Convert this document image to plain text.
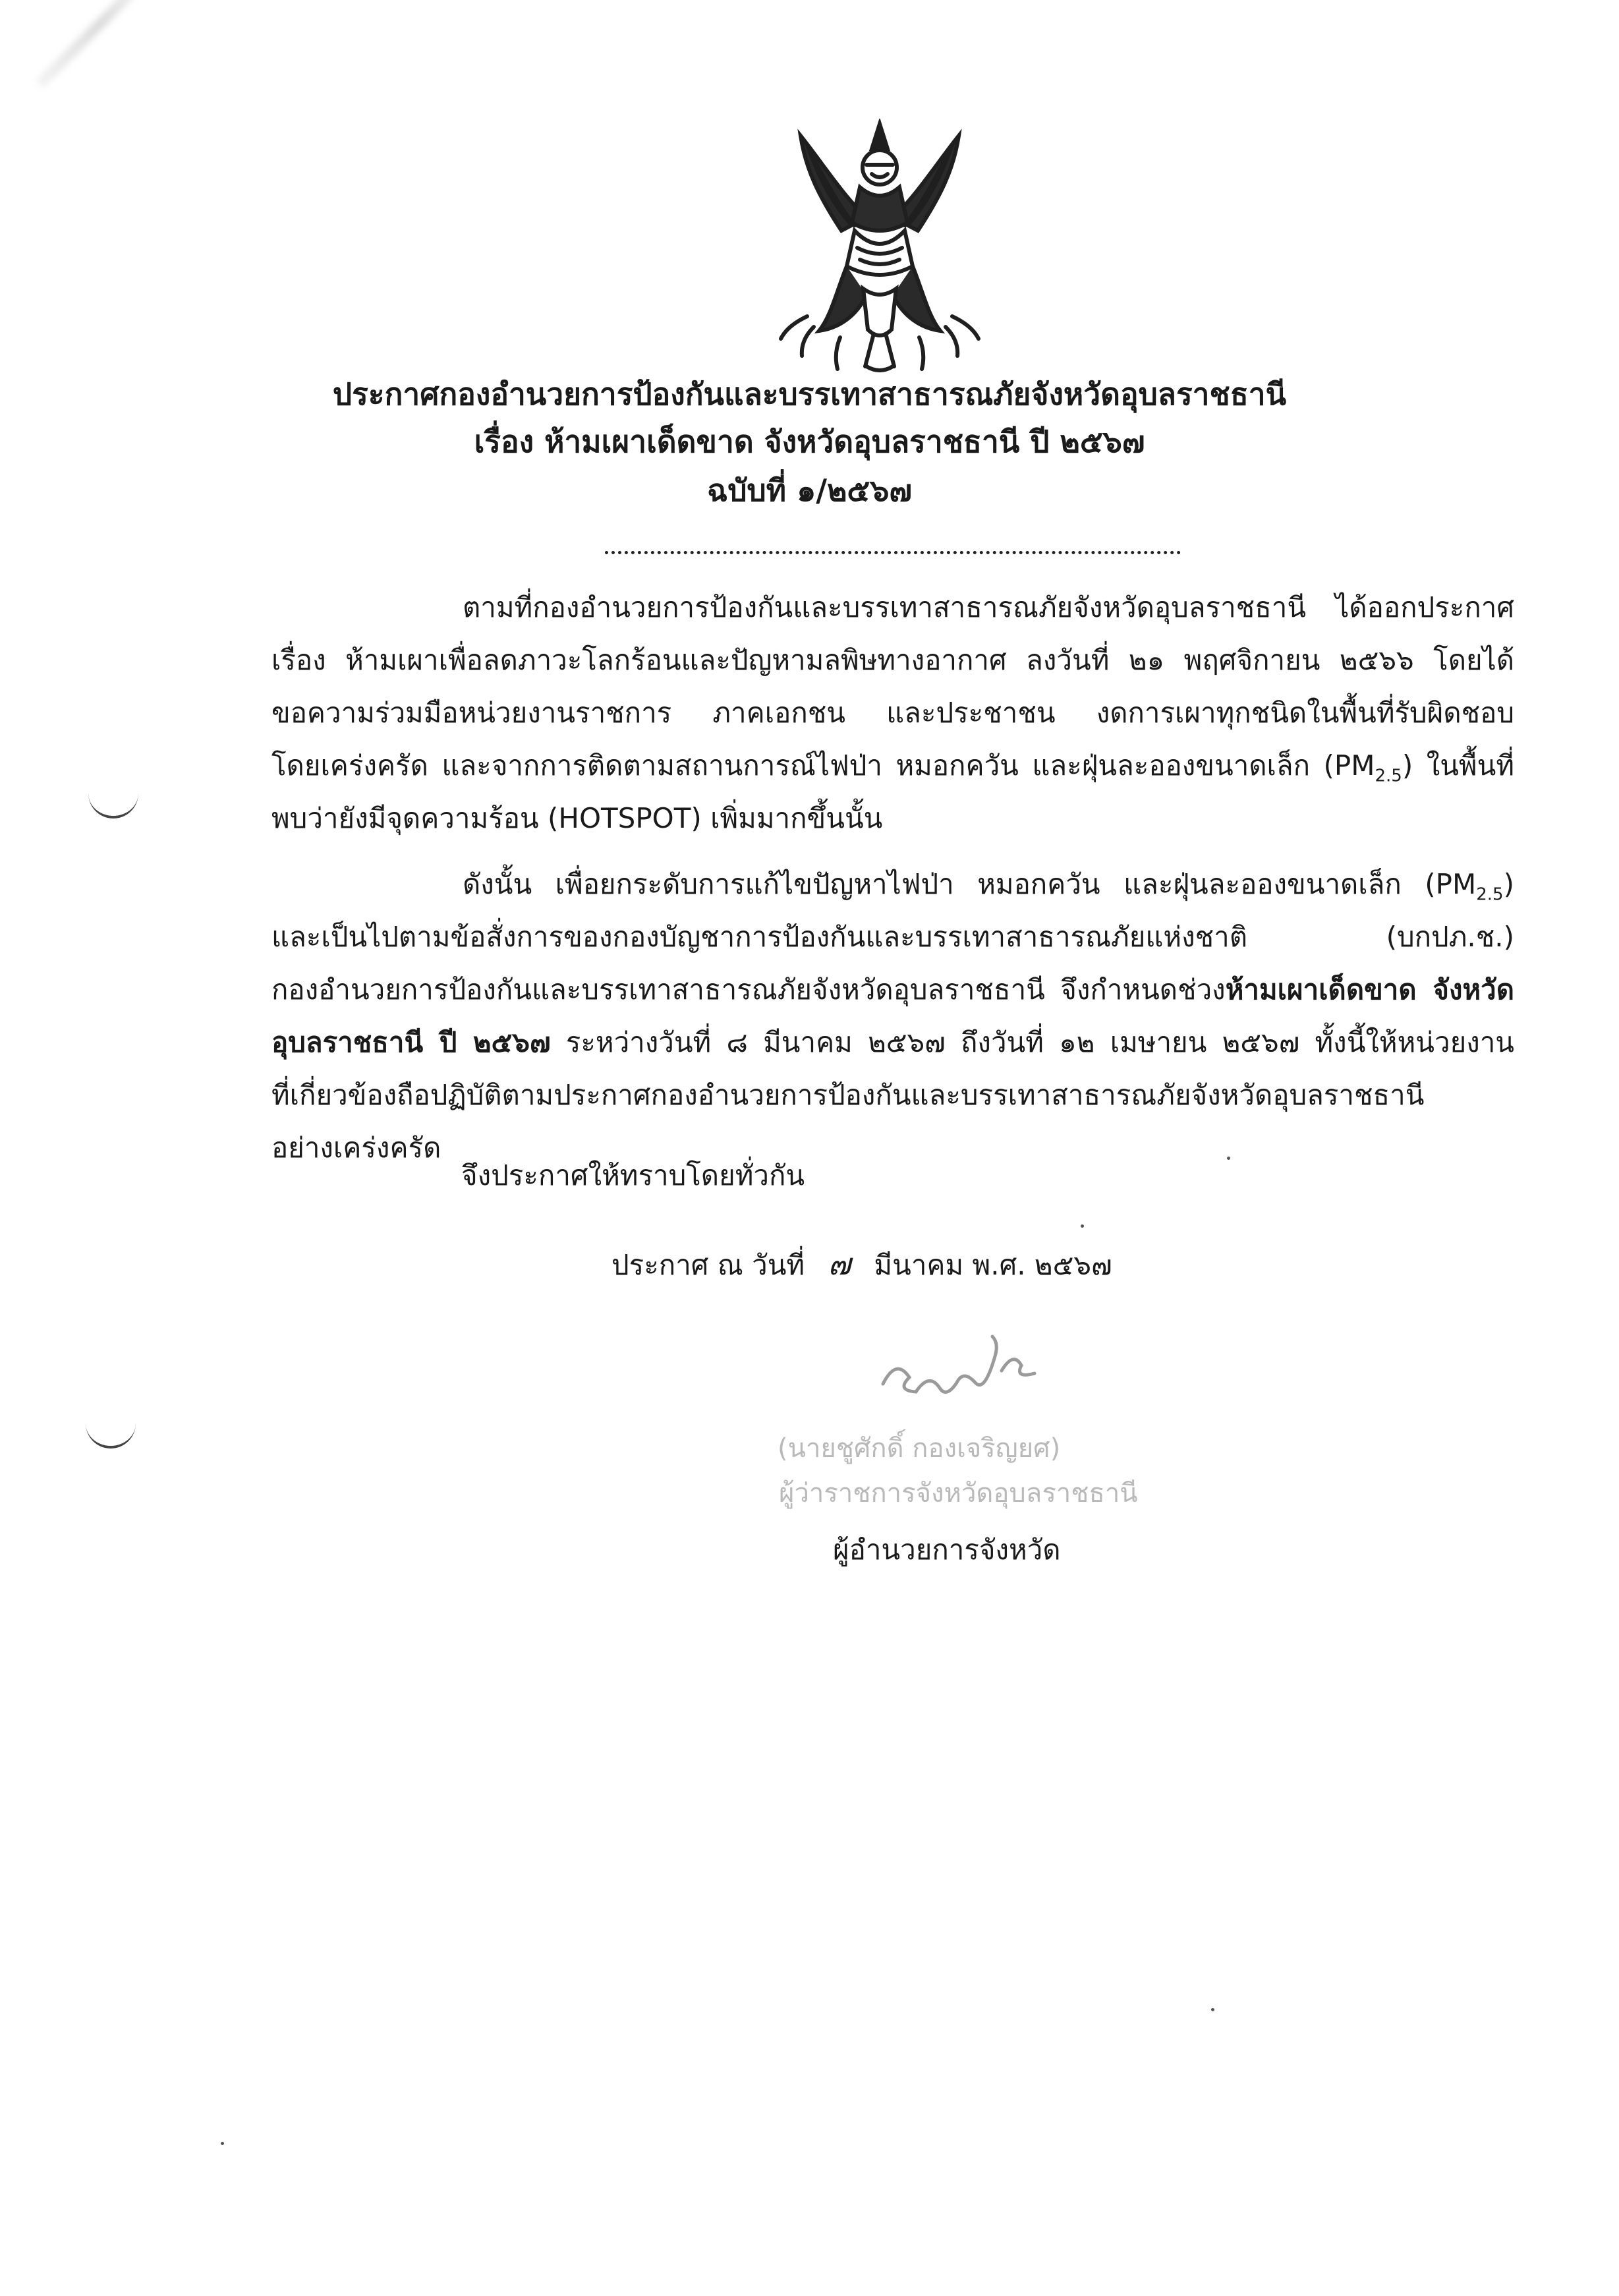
ประกาศกองอำนวยการป้องกันและบรรเทาสาธารณภัยจังหวัดอุบลราชธานี
เรื่อง ห้ามเผาเด็ดขาด จังหวัดอุบลราชธานี ปี ๒๕๖๗
ฉบับที่ ๑/๒๕๖๗
ตามที่กองอำนวยการป้องกันและบรรเทาสาธารณภัยจังหวัดอุบลราชธานี ได้ออกประกาศ
เรื่อง ห้ามเผาเพื่อลดภาวะโลกร้อนและปัญหามลพิษทางอากาศ ลงวันที่ ๒๑ พฤศจิกายน ๒๕๖๖ โดยได้
ขอความร่วมมือหน่วยงานราชการ ภาคเอกชน และประชาชน งดการเผาทุกชนิดในพื้นที่รับผิดชอบ
โดยเคร่งครัด และจากการติดตามสถานการณ์ไฟป่า หมอกควัน และฝุ่นละอองขนาดเล็ก $(PM_{2.5})$ ในพื้นที่
พบว่ายังมีจุดความร้อน (HOTSPOT) เพิ่มมากขึ้นนั้น
ดังนั้น เพื่อยกระดับการแก้ไขปัญหาไฟป่า หมอกควัน และฝุ่นละอองขนาดเล็ก $(PM_{2.5})$
และเป็นไปตามข้อสั่งการของกองบัญชาการป้องกันและบรรเทาสาธารณภัยแห่งชาติ (บกปภ.ช.)
กองอำนวยการป้องกันและบรรเทาสาธารณภัยจังหวัดอุบลราชธานี จึงกำหนดช่วงห้ามเผาเด็ดขาด จังหวัด
อุบลราชธานี ปี ๒๕๖๗ ระหว่างวันที่ ๘ มีนาคม ๒๕๖๗ ถึงวันที่ ๑๒ เมษายน ๒๕๖๗ ทั้งนี้ให้หน่วยงาน
ที่เกี่ยวข้องถือปฏิบัติตามประกาศกองอำนวยการป้องกันและบรรเทาสาธารณภัยจังหวัดอุบลราชธานี
อย่างเคร่งครัด
จึงประกาศให้ทราบโดยทั่วกัน
ประกาศ ณ วันที่ ๗ มีนาคม พ.ศ. ๒๕๖๗
(นายชูศักดิ์ กองเจริญยศ)
ผู้ว่าราชการจังหวัดอุบลราชธานี
ผู้อำนวยการจังหวัด
